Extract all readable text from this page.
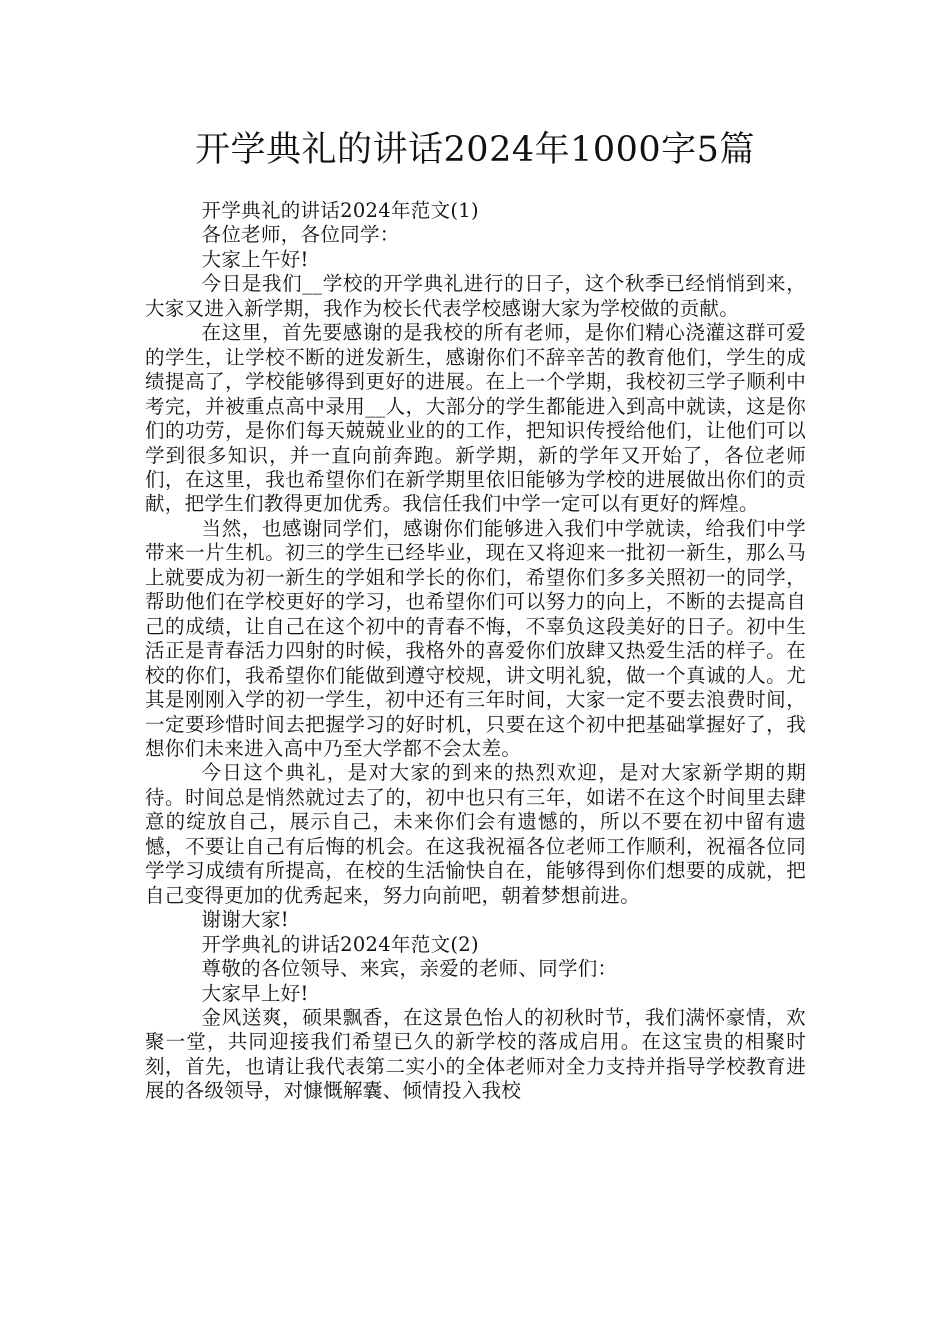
开学典礼的讲话2024年1000字5篇

开学典礼的讲话2024年范文(1)

各位老师，各位同学：

大家上午好!

今日是我们__学校的开学典礼进行的日子，这个秋季已经悄悄到来，大家又进入新学期，我作为校长代表学校感谢大家为学校做的贡献。

在这里，首先要感谢的是我校的所有老师，是你们精心浇灌这群可爱的学生，让学校不断的迸发新生，感谢你们不辞辛苦的教育他们，学生的成绩提高了，学校能够得到更好的进展。在上一个学期，我校初三学子顺利中考完，并被重点高中录用__人，大部分的学生都能进入到高中就读，这是你们的功劳，是你们每天兢兢业业的的工作，把知识传授给他们，让他们可以学到很多知识，并一直向前奔跑。新学期，新的学年又开始了，各位老师们，在这里，我也希望你们在新学期里依旧能够为学校的进展做出你们的贡献，把学生们教得更加优秀。我信任我们中学一定可以有更好的辉煌。

当然，也感谢同学们，感谢你们能够进入我们中学就读，给我们中学带来一片生机。初三的学生已经毕业，现在又将迎来一批初一新生，那么马上就要成为初一新生的学姐和学长的你们，希望你们多多关照初一的同学，帮助他们在学校更好的学习，也希望你们可以努力的向上，不断的去提高自己的成绩，让自己在这个初中的青春不悔，不辜负这段美好的日子。初中生活正是青春活力四射的时候，我格外的喜爱你们放肆又热爱生活的样子。在校的你们，我希望你们能做到遵守校规，讲文明礼貌，做一个真诚的人。尤其是刚刚入学的初一学生，初中还有三年时间，大家一定不要去浪费时间，一定要珍惜时间去把握学习的好时机，只要在这个初中把基础掌握好了，我想你们未来进入高中乃至大学都不会太差。

今日这个典礼，是对大家的到来的热烈欢迎，是对大家新学期的期待。时间总是悄然就过去了的，初中也只有三年，如诺不在这个时间里去肆意的绽放自己，展示自己，未来你们会有遗憾的，所以不要在初中留有遗憾，不要让自己有后悔的机会。在这我祝福各位老师工作顺利，祝福各位同学学习成绩有所提高，在校的生活愉快自在，能够得到你们想要的成就，把自己变得更加的优秀起来，努力向前吧，朝着梦想前进。

谢谢大家!

开学典礼的讲话2024年范文(2)

尊敬的各位领导、来宾，亲爱的老师、同学们：

大家早上好!

金风送爽，硕果飘香，在这景色怡人的初秋时节，我们满怀豪情，欢聚一堂，共同迎接我们希望已久的新学校的落成启用。在这宝贵的相聚时刻，首先，也请让我代表第二实小的全体老师对全力支持并指导学校教育进展的各级领导，对慷慨解囊、倾情投入我校
